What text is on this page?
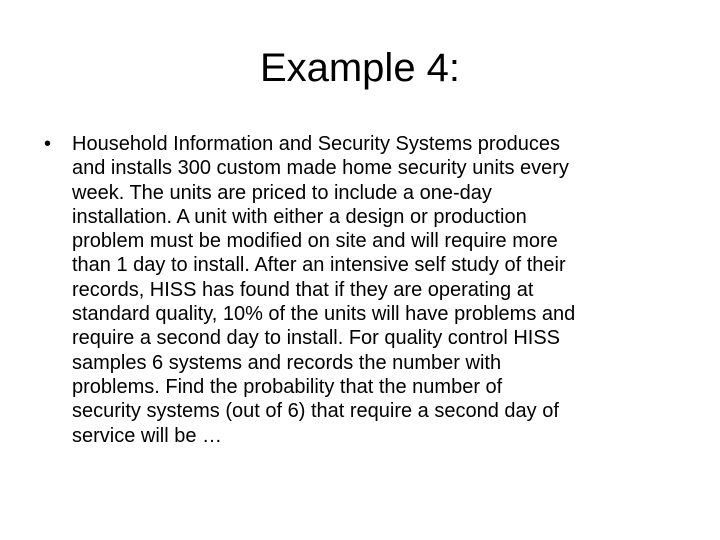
Example 4:
•	Household Information and Security Systems produces
and installs 300 custom made home security units every
week. The units are priced to include a one-day
installation. A unit with either a design or production
problem must be modified on site and will require more
than 1 day to install. After an intensive self study of their
records, HISS has found that if they are operating at
standard quality, 10% of the units will have problems and
require a second day to install. For quality control HISS
samples 6 systems and records the number with
problems. Find the probability that the number of
security systems (out of 6) that require a second day of
service will be …
